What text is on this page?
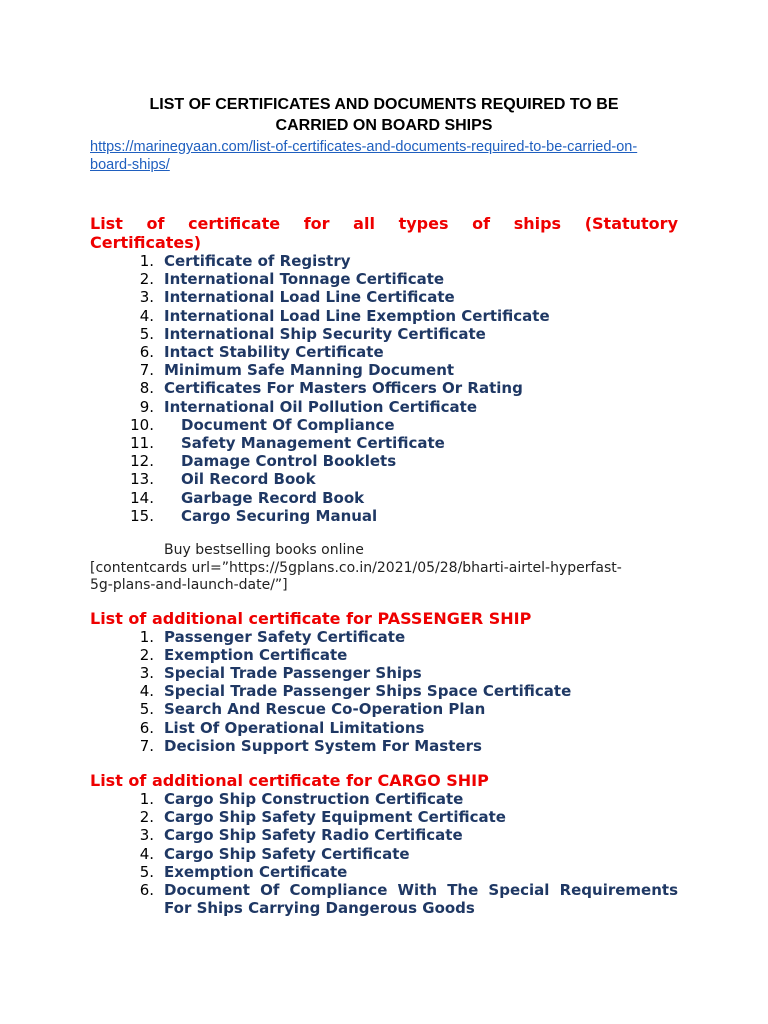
LIST OF CERTIFICATES AND DOCUMENTS REQUIRED TO BE
CARRIED ON BOARD SHIPS
https://marinegyaan.com/list-of-certificates-and-documents-required-to-be-carried-on-
board-ships/

List of certificate for all types of ships (Statutory
Certificates)

1. Certificate of Registry
2. International Tonnage Certificate
3. International Load Line Certificate
4. International Load Line Exemption Certificate
5. International Ship Security Certificate
6. Intact Stability Certificate
7. Minimum Safe Manning Document
8. Certificates For Masters Officers Or Rating
9. International Oil Pollution Certificate
10. Document Of Compliance
11. Safety Management Certificate
12. Damage Control Booklets
13. Oil Record Book
14. Garbage Record Book
15. Cargo Securing Manual
Buy bestselling books online
[contentcards url=”https://5gplans.co.in/2021/05/28/bharti-airtel-hyperfast-
5g-plans-and-launch-date/”]

List of additional certificate for PASSENGER SHIP

1. Passenger Safety Certificate
2. Exemption Certificate
3. Special Trade Passenger Ships
4. Special Trade Passenger Ships Space Certificate
5. Search And Rescue Co-Operation Plan
6. List Of Operational Limitations
7. Decision Support System For Masters

List of additional certificate for CARGO SHIP

1. Cargo Ship Construction Certificate
2. Cargo Ship Safety Equipment Certificate
3. Cargo Ship Safety Radio Certificate
4. Cargo Ship Safety Certificate
5. Exemption Certificate
6. Document Of Compliance With The Special Requirements
For Ships Carrying Dangerous Goods
